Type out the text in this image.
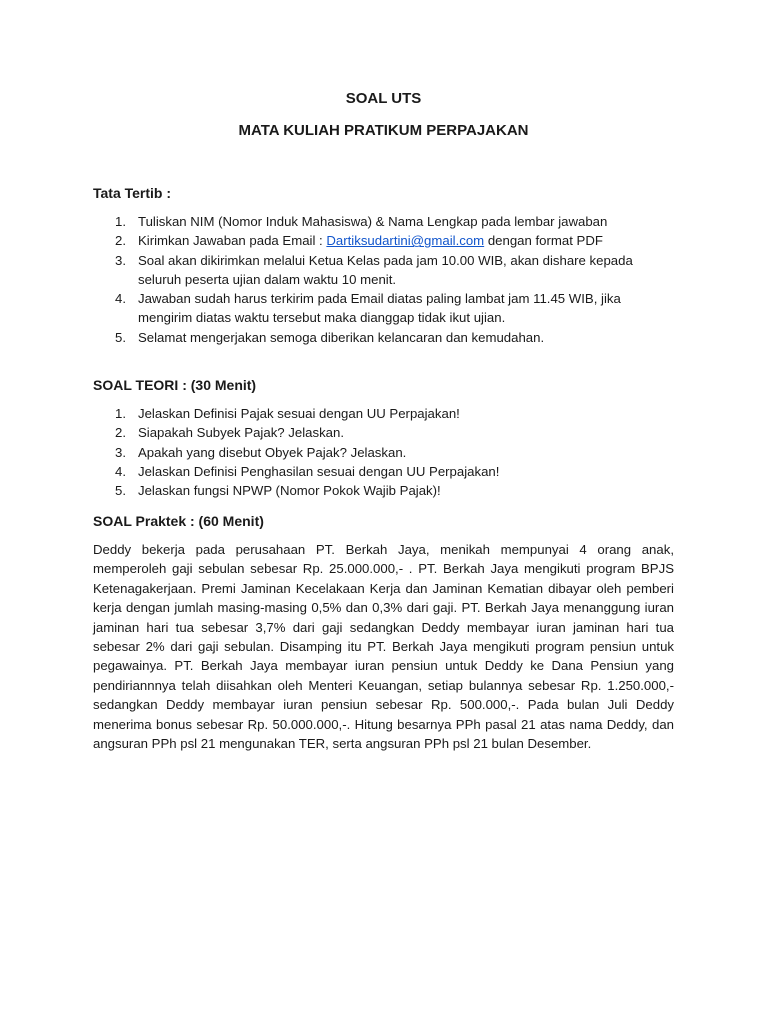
SOAL UTS
MATA KULIAH PRATIKUM PERPAJAKAN
Tata Tertib :
1. Tuliskan NIM (Nomor Induk Mahasiswa) & Nama Lengkap pada lembar jawaban
2. Kirimkan Jawaban pada Email : Dartiksudartini@gmail.com dengan format PDF
3. Soal akan dikirimkan melalui Ketua Kelas pada jam 10.00 WIB, akan dishare kepada seluruh peserta ujian dalam waktu 10 menit.
4. Jawaban sudah harus terkirim pada Email diatas paling lambat jam 11.45 WIB, jika mengirim diatas waktu tersebut maka dianggap tidak ikut ujian.
5. Selamat mengerjakan semoga diberikan kelancaran dan kemudahan.
SOAL TEORI : (30 Menit)
1. Jelaskan Definisi Pajak sesuai dengan UU Perpajakan!
2. Siapakah Subyek Pajak? Jelaskan.
3. Apakah yang disebut Obyek Pajak? Jelaskan.
4. Jelaskan Definisi Penghasilan sesuai dengan UU Perpajakan!
5. Jelaskan fungsi NPWP (Nomor Pokok Wajib Pajak)!
SOAL Praktek : (60 Menit)

Deddy bekerja pada perusahaan PT. Berkah Jaya, menikah mempunyai 4 orang anak, memperoleh gaji sebulan sebesar Rp. 25.000.000,- . PT. Berkah Jaya mengikuti program BPJS Ketenagakerjaan. Premi Jaminan Kecelakaan Kerja dan Jaminan Kematian dibayar oleh pemberi kerja dengan jumlah masing-masing 0,5% dan 0,3% dari gaji. PT. Berkah Jaya menanggung iuran jaminan hari tua sebesar 3,7% dari gaji sedangkan Deddy membayar iuran jaminan hari tua sebesar 2% dari gaji sebulan. Disamping itu PT. Berkah Jaya mengikuti program pensiun untuk pegawainya. PT. Berkah Jaya membayar iuran pensiun untuk Deddy ke Dana Pensiun yang pendiriannnya telah diisahkan oleh Menteri Keuangan, setiap bulannya sebesar Rp. 1.250.000,- sedangkan Deddy membayar iuran pensiun sebesar Rp. 500.000,-. Pada bulan Juli Deddy menerima bonus sebesar Rp. 50.000.000,-. Hitung besarnya PPh pasal 21 atas nama Deddy, dan angsuran PPh psl 21 mengunakan TER, serta angsuran PPh psl 21 bulan Desember.
